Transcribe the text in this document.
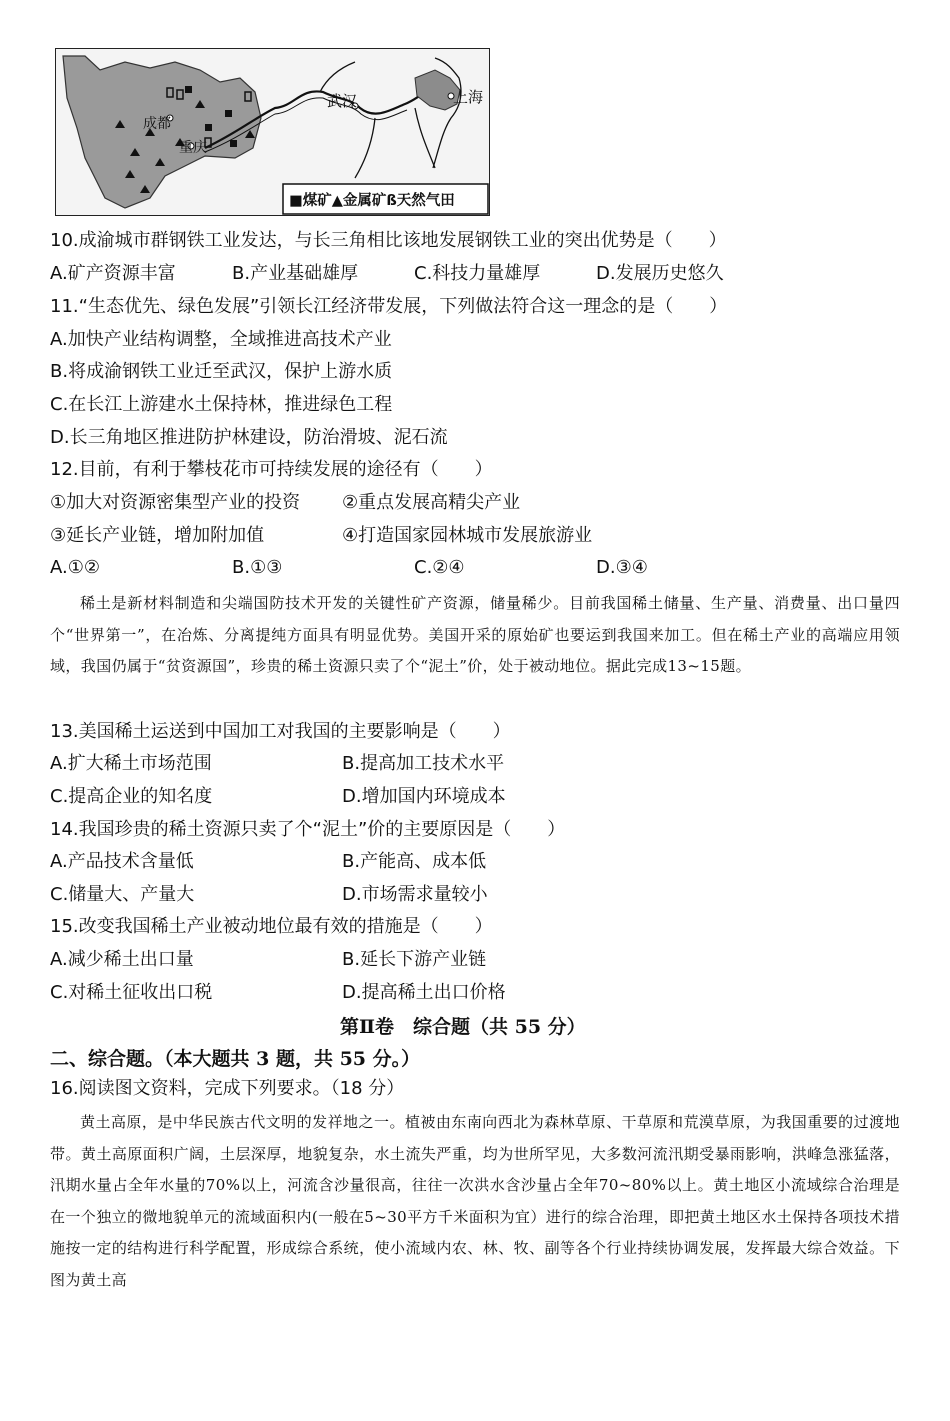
成都
重庆
武汉	上海
■煤矿▲金属矿ß天然气田
10.成渝城市群钢铁工业发达，与长三角相比该地发展钢铁工业的突出优势是（　　）
A.矿产资源丰富	B.产业基础雄厚	C.科技力量雄厚	D.发展历史悠久
11.“生态优先、绿色发展”引领长江经济带发展，下列做法符合这一理念的是（　　）
A.加快产业结构调整，全域推进高技术产业
B.将成渝钢铁工业迁至武汉，保护上游水质
C.在长江上游建水土保持林，推进绿色工程
D.长三角地区推进防护林建设，防治滑坡、泥石流
12.目前，有利于攀枝花市可持续发展的途径有（　　）
①加大对资源密集型产业的投资 ②重点发展高精尖产业
③延长产业链，增加附加值	④打造国家园林城市发展旅游业
A.①②	B.①③	C.②④	D.③④

稀土是新材料制造和尖端国防技术开发的关键性矿产资源，储量稀少。目前我国稀土储量、生产量、消费量、出口量四个“世界第一”，在冶炼、分离提纯方面具有明显优势。美国开采的原始矿也要运到我国来加工。但在稀土产业的高端应用领域，我国仍属于“贫资源国”，珍贵的稀土资源只卖了个“泥土”价，处于被动地位。据此完成13~15题。

13.美国稀土运送到中国加工对我国的主要影响是（　　）
A.扩大稀土市场范围	B.提高加工技术水平
C.提高企业的知名度	D.增加国内环境成本
14.我国珍贵的稀土资源只卖了个“泥土”价的主要原因是（　　）
A.产品技术含量低	B.产能高、成本低
C.储量大、产量大	D.市场需求量较小
15.改变我国稀土产业被动地位最有效的措施是（　　）
A.减少稀土出口量	B.延长下游产业链
C.对稀土征收出口税	D.提高稀土出口价格
第Ⅱ卷　综合题（共 55 分）
二、综合题。（本大题共 3 题，共 55 分。）
16.阅读图文资料，完成下列要求。（18 分）

黄土高原，是中华民族古代文明的发祥地之一。植被由东南向西北为森林草原、干草原和荒漠草原，为我国重要的过渡地带。黄土高原面积广阔，土层深厚，地貌复杂，水土流失严重，均为世所罕见，大多数河流汛期受暴雨影响，洪峰急涨猛落，汛期水量占全年水量的70%以上，河流含沙量很高，往往一次洪水含沙量占全年70~80%以上。黄土地区小流域综合治理是在一个独立的微地貌单元的流域面积内(一般在5~30平方千米面积为宜）进行的综合治理，即把黄土地区水土保持各项技术措施按一定的结构进行科学配置，形成综合系统，使小流域内农、林、牧、副等各个行业持续协调发展，发挥最大综合效益。下图为黄土高
